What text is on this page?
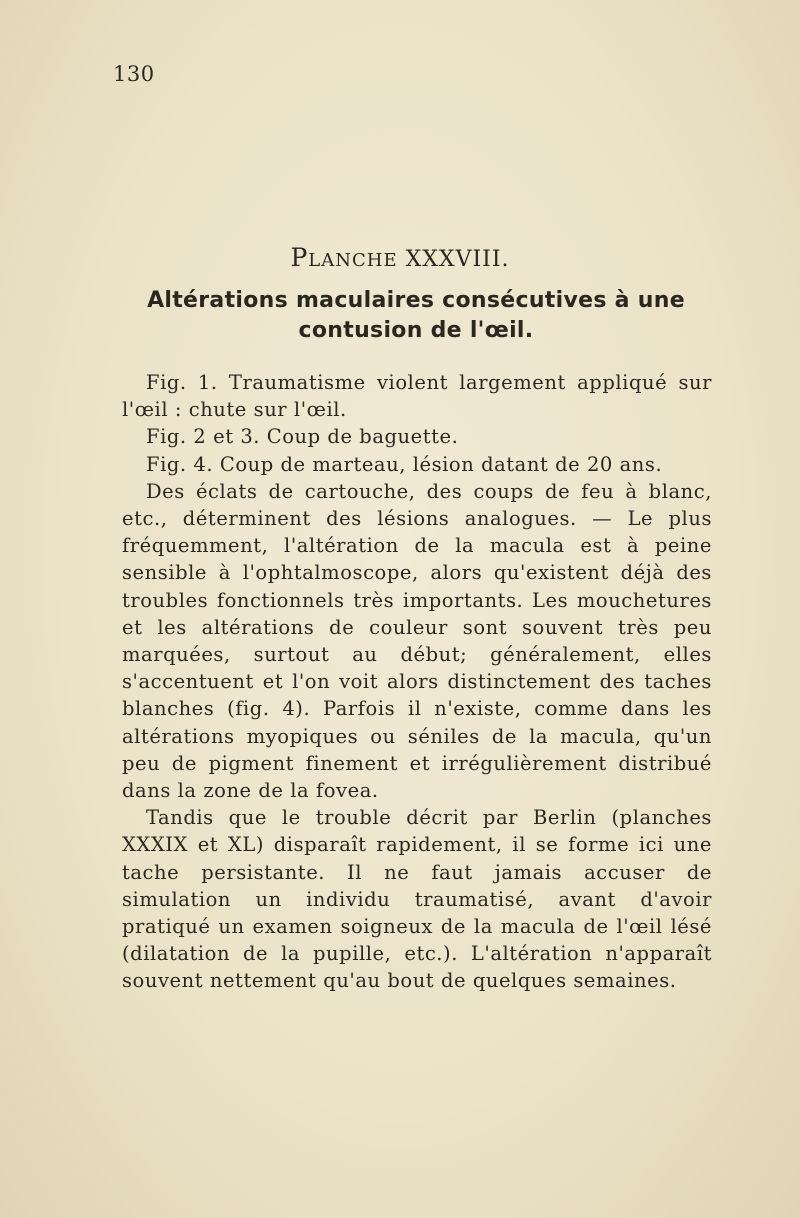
130
PLANCHE XXXVIII.
Altérations maculaires consécutives à une contusion de l'œil.

Fig. 1. Traumatisme violent largement appliqué sur l'œil : chute sur l'œil.

Fig. 2 et 3. Coup de baguette.

Fig. 4. Coup de marteau, lésion datant de 20 ans.

Des éclats de cartouche, des coups de feu à blanc, etc., déterminent des lésions analogues. — Le plus fréquemment, l'altération de la macula est à peine sensible à l'ophtalmoscope, alors qu'existent déjà des troubles fonctionnels très importants. Les mouchetures et les altérations de couleur sont souvent très peu marquées, surtout au début; généralement, elles s'accentuent et l'on voit alors distinctement des taches blanches (fig. 4). Parfois il n'existe, comme dans les altérations myopiques ou séniles de la macula, qu'un peu de pigment finement et irrégulièrement distribué dans la zone de la fovea.

Tandis que le trouble décrit par Berlin (planches XXXIX et XL) disparaît rapidement, il se forme ici une tache persistante. Il ne faut jamais accuser de simulation un individu traumatisé, avant d'avoir pratiqué un examen soigneux de la macula de l'œil lésé (dilatation de la pupille, etc.). L'altération n'apparaît souvent nettement qu'au bout de quelques semaines.
